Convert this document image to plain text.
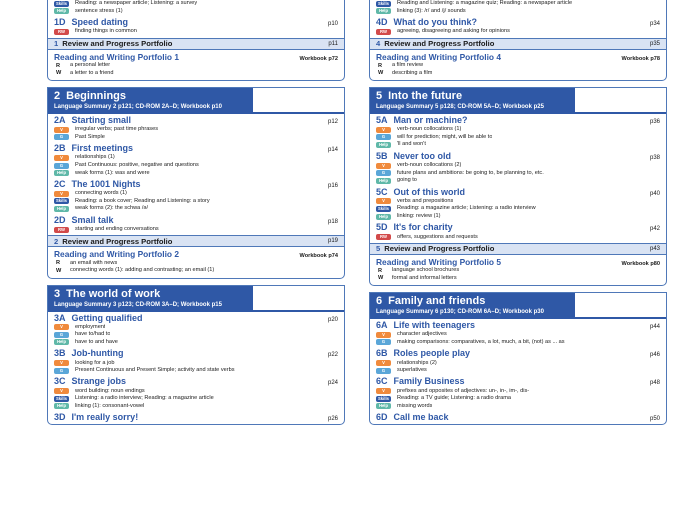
Skills	Reading: a newspaper article; Listening: a survey
Help	sentence stress (1)
1D Speed dating	p10
RW	finding things in common
1 Review and Progress Portfolio	p11
Reading and Writing Portfolio 1	Workbook p72
R	a personal letter
W	a letter to a friend
2 Beginnings
Language Summary 2 p121; CD-ROM 2A–D; Workbook p10
2A Starting small	p12
V	irregular verbs; past time phrases
G	Past Simple
2B First meetings	p14
V	relationships (1)
G	Past Continuous: positive, negative and questions
Help	weak forms (1): was and were
2C The 1001 Nights	p16
V	connecting words (1)
Skills	Reading: a book cover; Reading and Listening: a story
Help	weak forms (2): the schwa /ə/
2D Small talk	p18
RW	starting and ending conversations
2 Review and Progress Portfolio	p19
Reading and Writing Portfolio 2	Workbook p74
R	an email with news
W	connecting words (1): adding and contrasting; an email (1)
3 The world of work
Language Summary 3 p123; CD-ROM 3A–D; Workbook p15
3A Getting qualified	p20
V	employment
G	have to/had to
Help	have to and have
3B Job-hunting	p22
V	looking for a job
G	Present Continuous and Present Simple; activity and state verbs
3C Strange jobs	p24
V	word building: noun endings
Skills	Listening: a radio interview; Reading: a magazine article
Help	linking (1): consonant-vowel
3D I'm really sorry!	p26
Skills	Reading and Listening: a magazine quiz; Reading: a newspaper article
Help	linking (3): /r/ and /j/ sounds
4D What do you think?	p34
RW	agreeing, disagreeing and asking for opinions
4 Review and Progress Portfolio	p35
Reading and Writing Portfolio 4	Workbook p78
R	a film review
W	describing a film
5 Into the future
Language Summary 5 p128; CD-ROM 5A–D; Workbook p25
5A Man or machine?	p36
V	verb-noun collocations (1)
G	will for prediction; might, will be able to
Help	'll and won't
5B Never too old	p38
V	verb-noun collocations (2)
G	future plans and ambitions: be going to, be planning to, etc.
Help	going to
5C Out of this world	p40
V	verbs and prepositions
Skills	Reading: a magazine article; Listening: a radio interview
Help	linking: review (1)
5D It's for charity	p42
RW	offers, suggestions and requests
5 Review and Progress Portfolio	p43
Reading and Writing Portfolio 5	Workbook p80
R	language school brochures
W	formal and informal letters
6 Family and friends
Language Summary 6 p130; CD-ROM 6A–D; Workbook p30
6A Life with teenagers	p44
V	character adjectives
G	making comparisons: comparatives, a lot, much, a bit, (not) as ... as
6B Roles people play	p46
V	relationships (2)
G	superlatives
6C Family Business	p48
V	prefixes and opposites of adjectives: un-, in-, im-, dis-
Skills	Reading: a TV guide; Listening: a radio drama
Help	missing words
6D Call me back	p50
